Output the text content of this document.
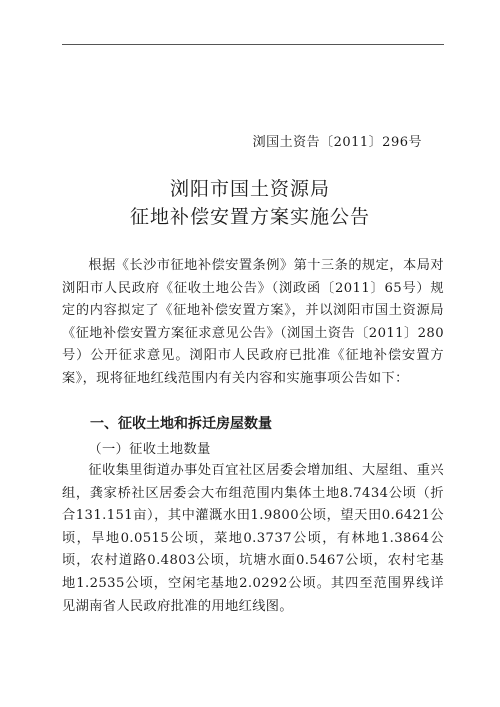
浏国土资告〔2011〕296号
浏阳市国土资源局
征地补偿安置方案实施公告
根据《长沙市征地补偿安置条例》第十三条的规定，本局对浏阳市人民政府《征收土地公告》（浏政函〔2011〕65号）规定的内容拟定了《征地补偿安置方案》，并以浏阳市国土资源局《征地补偿安置方案征求意见公告》（浏国土资告〔2011〕280号）公开征求意见。浏阳市人民政府已批准《征地补偿安置方案》，现将征地红线范围内有关内容和实施事项公告如下：
一、征收土地和拆迁房屋数量
（一）征收土地数量
征收集里街道办事处百宜社区居委会增加组、大屋组、重兴组，龚家桥社区居委会大布组范围内集体土地8.7434公顷（折合131.151亩），其中灌溉水田1.9800公顷，望天田0.6421公顷，旱地0.0515公顷，菜地0.3737公顷，有林地1.3864公顷，农村道路0.4803公顷，坑塘水面0.5467公顷，农村宅基地1.2535公顷，空闲宅基地2.0292公顷。其四至范围界线详见湖南省人民政府批准的用地红线图。
